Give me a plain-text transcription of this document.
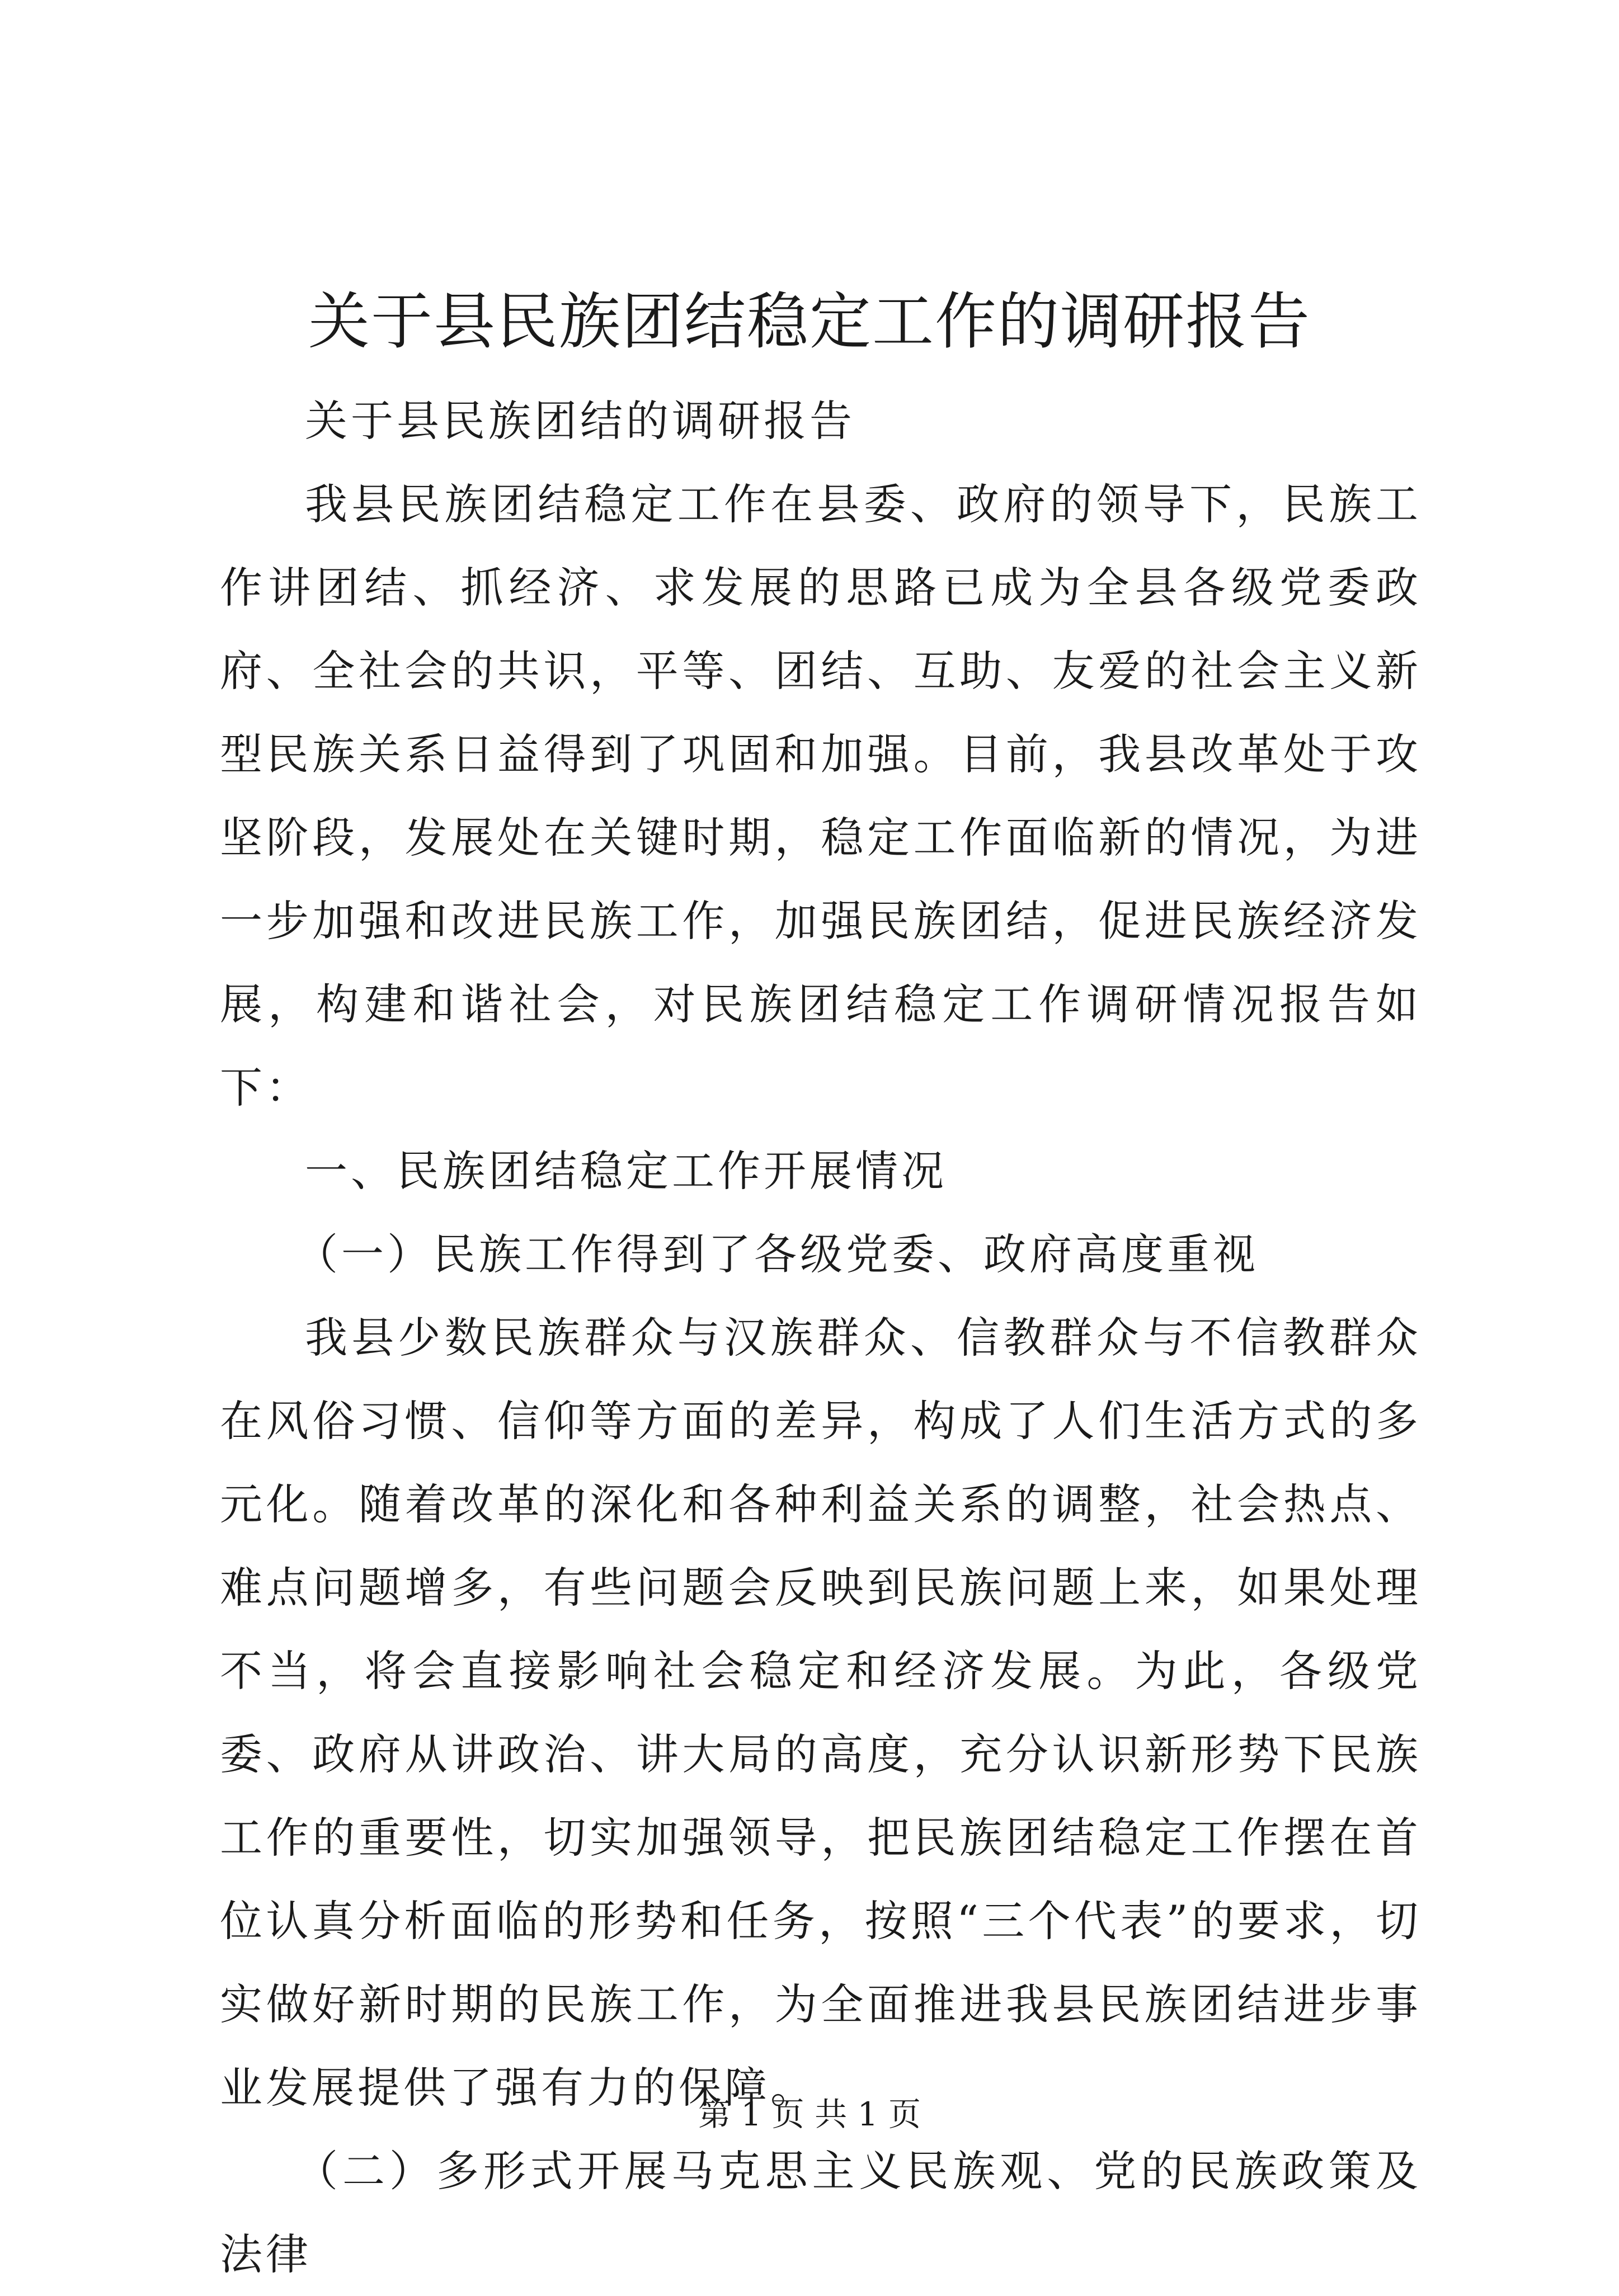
关于县民族团结稳定工作的调研报告

关于县民族团结的调研报告

我县民族团结稳定工作在县委、政府的领导下，民族工作讲团结、抓经济、求发展的思路已成为全县各级党委政府、全社会的共识，平等、团结、互助、友爱的社会主义新型民族关系日益得到了巩固和加强。目前，我县改革处于攻坚阶段，发展处在关键时期，稳定工作面临新的情况，为进一步加强和改进民族工作，加强民族团结，促进民族经济发展，构建和谐社会，对民族团结稳定工作调研情况报告如下：

一、民族团结稳定工作开展情况

（一）民族工作得到了各级党委、政府高度重视

我县少数民族群众与汉族群众、信教群众与不信教群众在风俗习惯、信仰等方面的差异，构成了人们生活方式的多元化。随着改革的深化和各种利益关系的调整，社会热点、难点问题增多，有些问题会反映到民族问题上来，如果处理不当，将会直接影响社会稳定和经济发展。为此，各级党委、政府从讲政治、讲大局的高度，充分认识新形势下民族工作的重要性，切实加强领导，把民族团结稳定工作摆在首位认真分析面临的形势和任务，按照“三个代表”的要求，切实做好新时期的民族工作，为全面推进我县民族团结进步事业发展提供了强有力的保障。

（二）多形式开展马克思主义民族观、党的民族政策及法律

第 1 页 共 1 页
